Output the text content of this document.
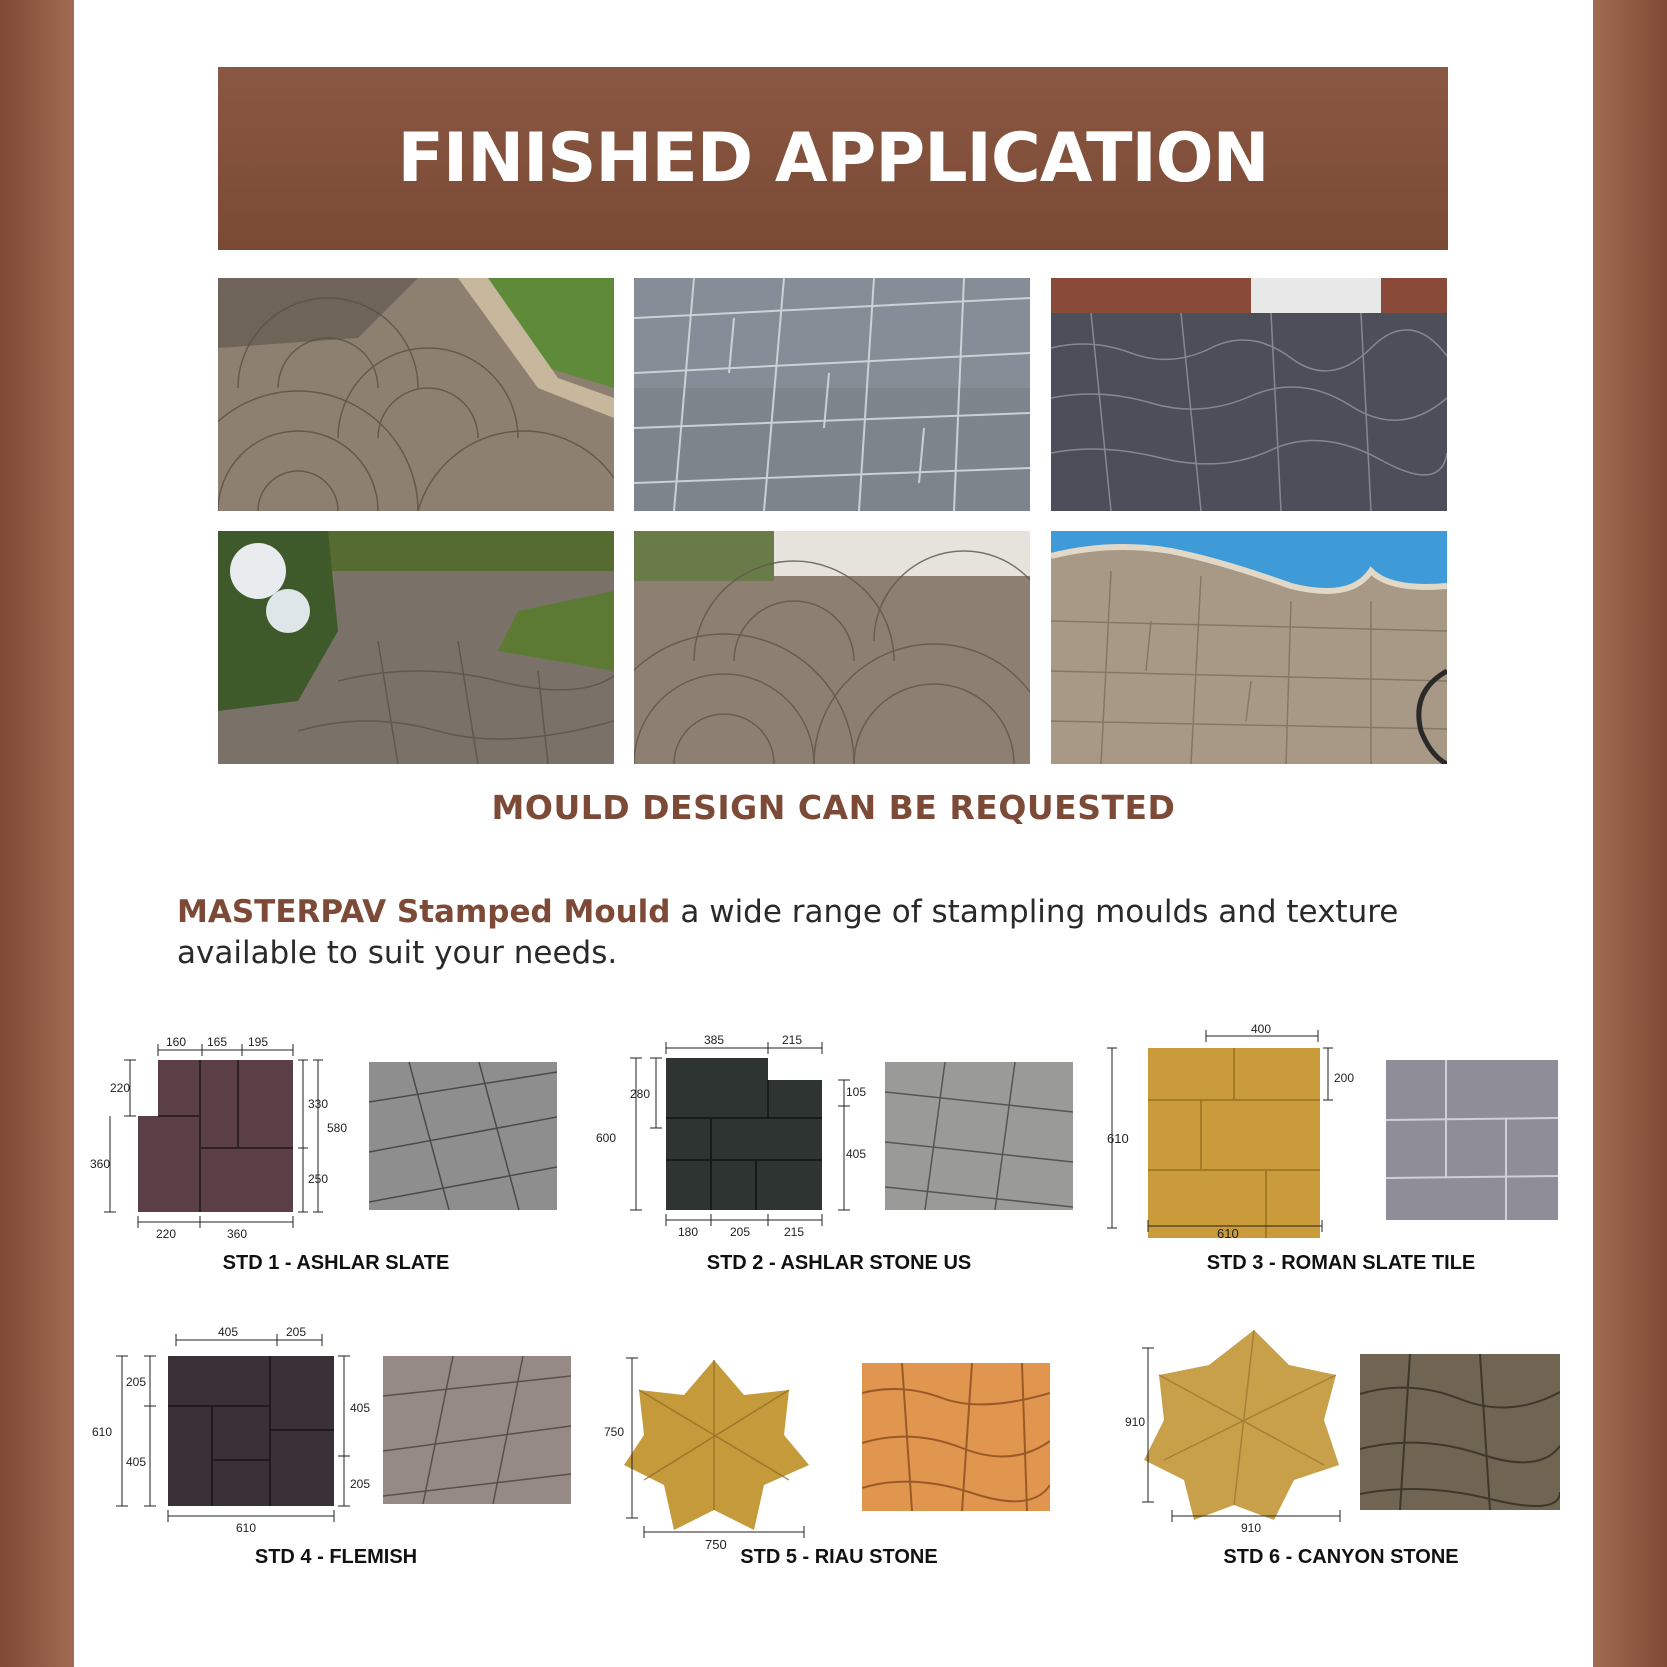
FINISHED APPLICATION
MOULD DESIGN CAN BE REQUESTED
MASTERPAV Stamped Mould a wide range of stampling moulds and texture available to suit your needs.
160 165 195
220
360
330
580
250
220	360
STD 1 - ASHLAR SLATE
385	215
280
600
105
405
180	205	215
STD 2 - ASHLAR STONE US
400
200
610
610
STD 3 - ROMAN SLATE TILE
405	205
205
610
405
405
205
610
STD 4 - FLEMISH
750
750
STD 5 - RIAU STONE
910
910
STD 6 - CANYON STONE
